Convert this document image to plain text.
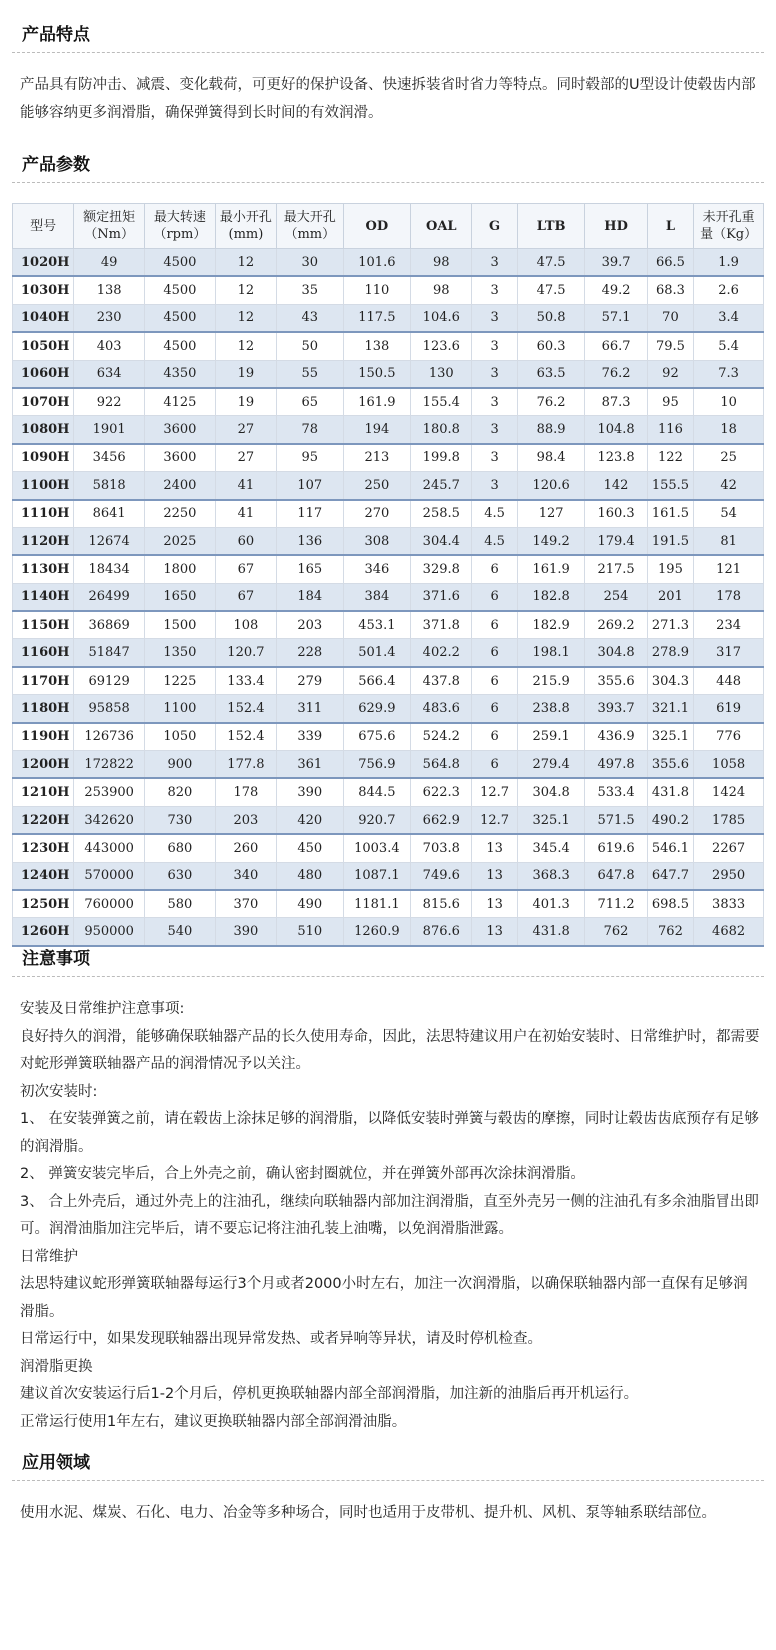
产品特点

产品具有防冲击、减震、变化载荷，可更好的保护设备、快速拆装省时省力等特点。同时毂部的U型设计使毂齿内部能够容纳更多润滑脂，确保弹簧得到长时间的有效润滑。

产品参数
型号	额定扭矩（Nm）	最大转速（rpm）	最小开孔(mm)	最大开孔（mm）	OD	OAL	G	LTB	HD	L	未开孔重量（Kg）
1020H	49	4500	12	30	101.6	98	3	47.5	39.7	66.5	1.9
1030H	138	4500	12	35	110	98	3	47.5	49.2	68.3	2.6
1040H	230	4500	12	43	117.5	104.6	3	50.8	57.1	70	3.4
1050H	403	4500	12	50	138	123.6	3	60.3	66.7	79.5	5.4
1060H	634	4350	19	55	150.5	130	3	63.5	76.2	92	7.3
1070H	922	4125	19	65	161.9	155.4	3	76.2	87.3	95	10
1080H	1901	3600	27	78	194	180.8	3	88.9	104.8	116	18
1090H	3456	3600	27	95	213	199.8	3	98.4	123.8	122	25
1100H	5818	2400	41	107	250	245.7	3	120.6	142	155.5	42
1110H	8641	2250	41	117	270	258.5	4.5	127	160.3	161.5	54
1120H	12674	2025	60	136	308	304.4	4.5	149.2	179.4	191.5	81
1130H	18434	1800	67	165	346	329.8	6	161.9	217.5	195	121
1140H	26499	1650	67	184	384	371.6	6	182.8	254	201	178
1150H	36869	1500	108	203	453.1	371.8	6	182.9	269.2	271.3	234
1160H	51847	1350	120.7	228	501.4	402.2	6	198.1	304.8	278.9	317
1170H	69129	1225	133.4	279	566.4	437.8	6	215.9	355.6	304.3	448
1180H	95858	1100	152.4	311	629.9	483.6	6	238.8	393.7	321.1	619
1190H	126736	1050	152.4	339	675.6	524.2	6	259.1	436.9	325.1	776
1200H	172822	900	177.8	361	756.9	564.8	6	279.4	497.8	355.6	1058
1210H	253900	820	178	390	844.5	622.3	12.7	304.8	533.4	431.8	1424
1220H	342620	730	203	420	920.7	662.9	12.7	325.1	571.5	490.2	1785
1230H	443000	680	260	450	1003.4	703.8	13	345.4	619.6	546.1	2267
1240H	570000	630	340	480	1087.1	749.6	13	368.3	647.8	647.7	2950
1250H	760000	580	370	490	1181.1	815.6	13	401.3	711.2	698.5	3833
1260H	950000	540	390	510	1260.9	876.6	13	431.8	762	762	4682
注意事项

安装及日常维护注意事项:

良好持久的润滑，能够确保联轴器产品的长久使用寿命，因此，法思特建议用户在初始安装时、日常维护时，都需要对蛇形弹簧联轴器产品的润滑情况予以关注。

初次安装时:

1、 在安装弹簧之前，请在毂齿上涂抹足够的润滑脂，以降低安装时弹簧与毂齿的摩擦，同时让毂齿齿底预存有足够的润滑脂。

2、 弹簧安装完毕后，合上外壳之前，确认密封圈就位，并在弹簧外部再次涂抹润滑脂。

3、 合上外壳后，通过外壳上的注油孔，继续向联轴器内部加注润滑脂，直至外壳另一侧的注油孔有多余油脂冒出即可。润滑油脂加注完毕后，请不要忘记将注油孔装上油嘴，以免润滑脂泄露。

日常维护

法思特建议蛇形弹簧联轴器每运行3个月或者2000小时左右，加注一次润滑脂，以确保联轴器内部一直保有足够润滑脂。

日常运行中，如果发现联轴器出现异常发热、或者异响等异状，请及时停机检查。

润滑脂更换

建议首次安装运行后1-2个月后，停机更换联轴器内部全部润滑脂，加注新的油脂后再开机运行。

正常运行使用1年左右，建议更换联轴器内部全部润滑油脂。

应用领域

使用水泥、煤炭、石化、电力、冶金等多种场合，同时也适用于皮带机、提升机、风机、泵等轴系联结部位。
